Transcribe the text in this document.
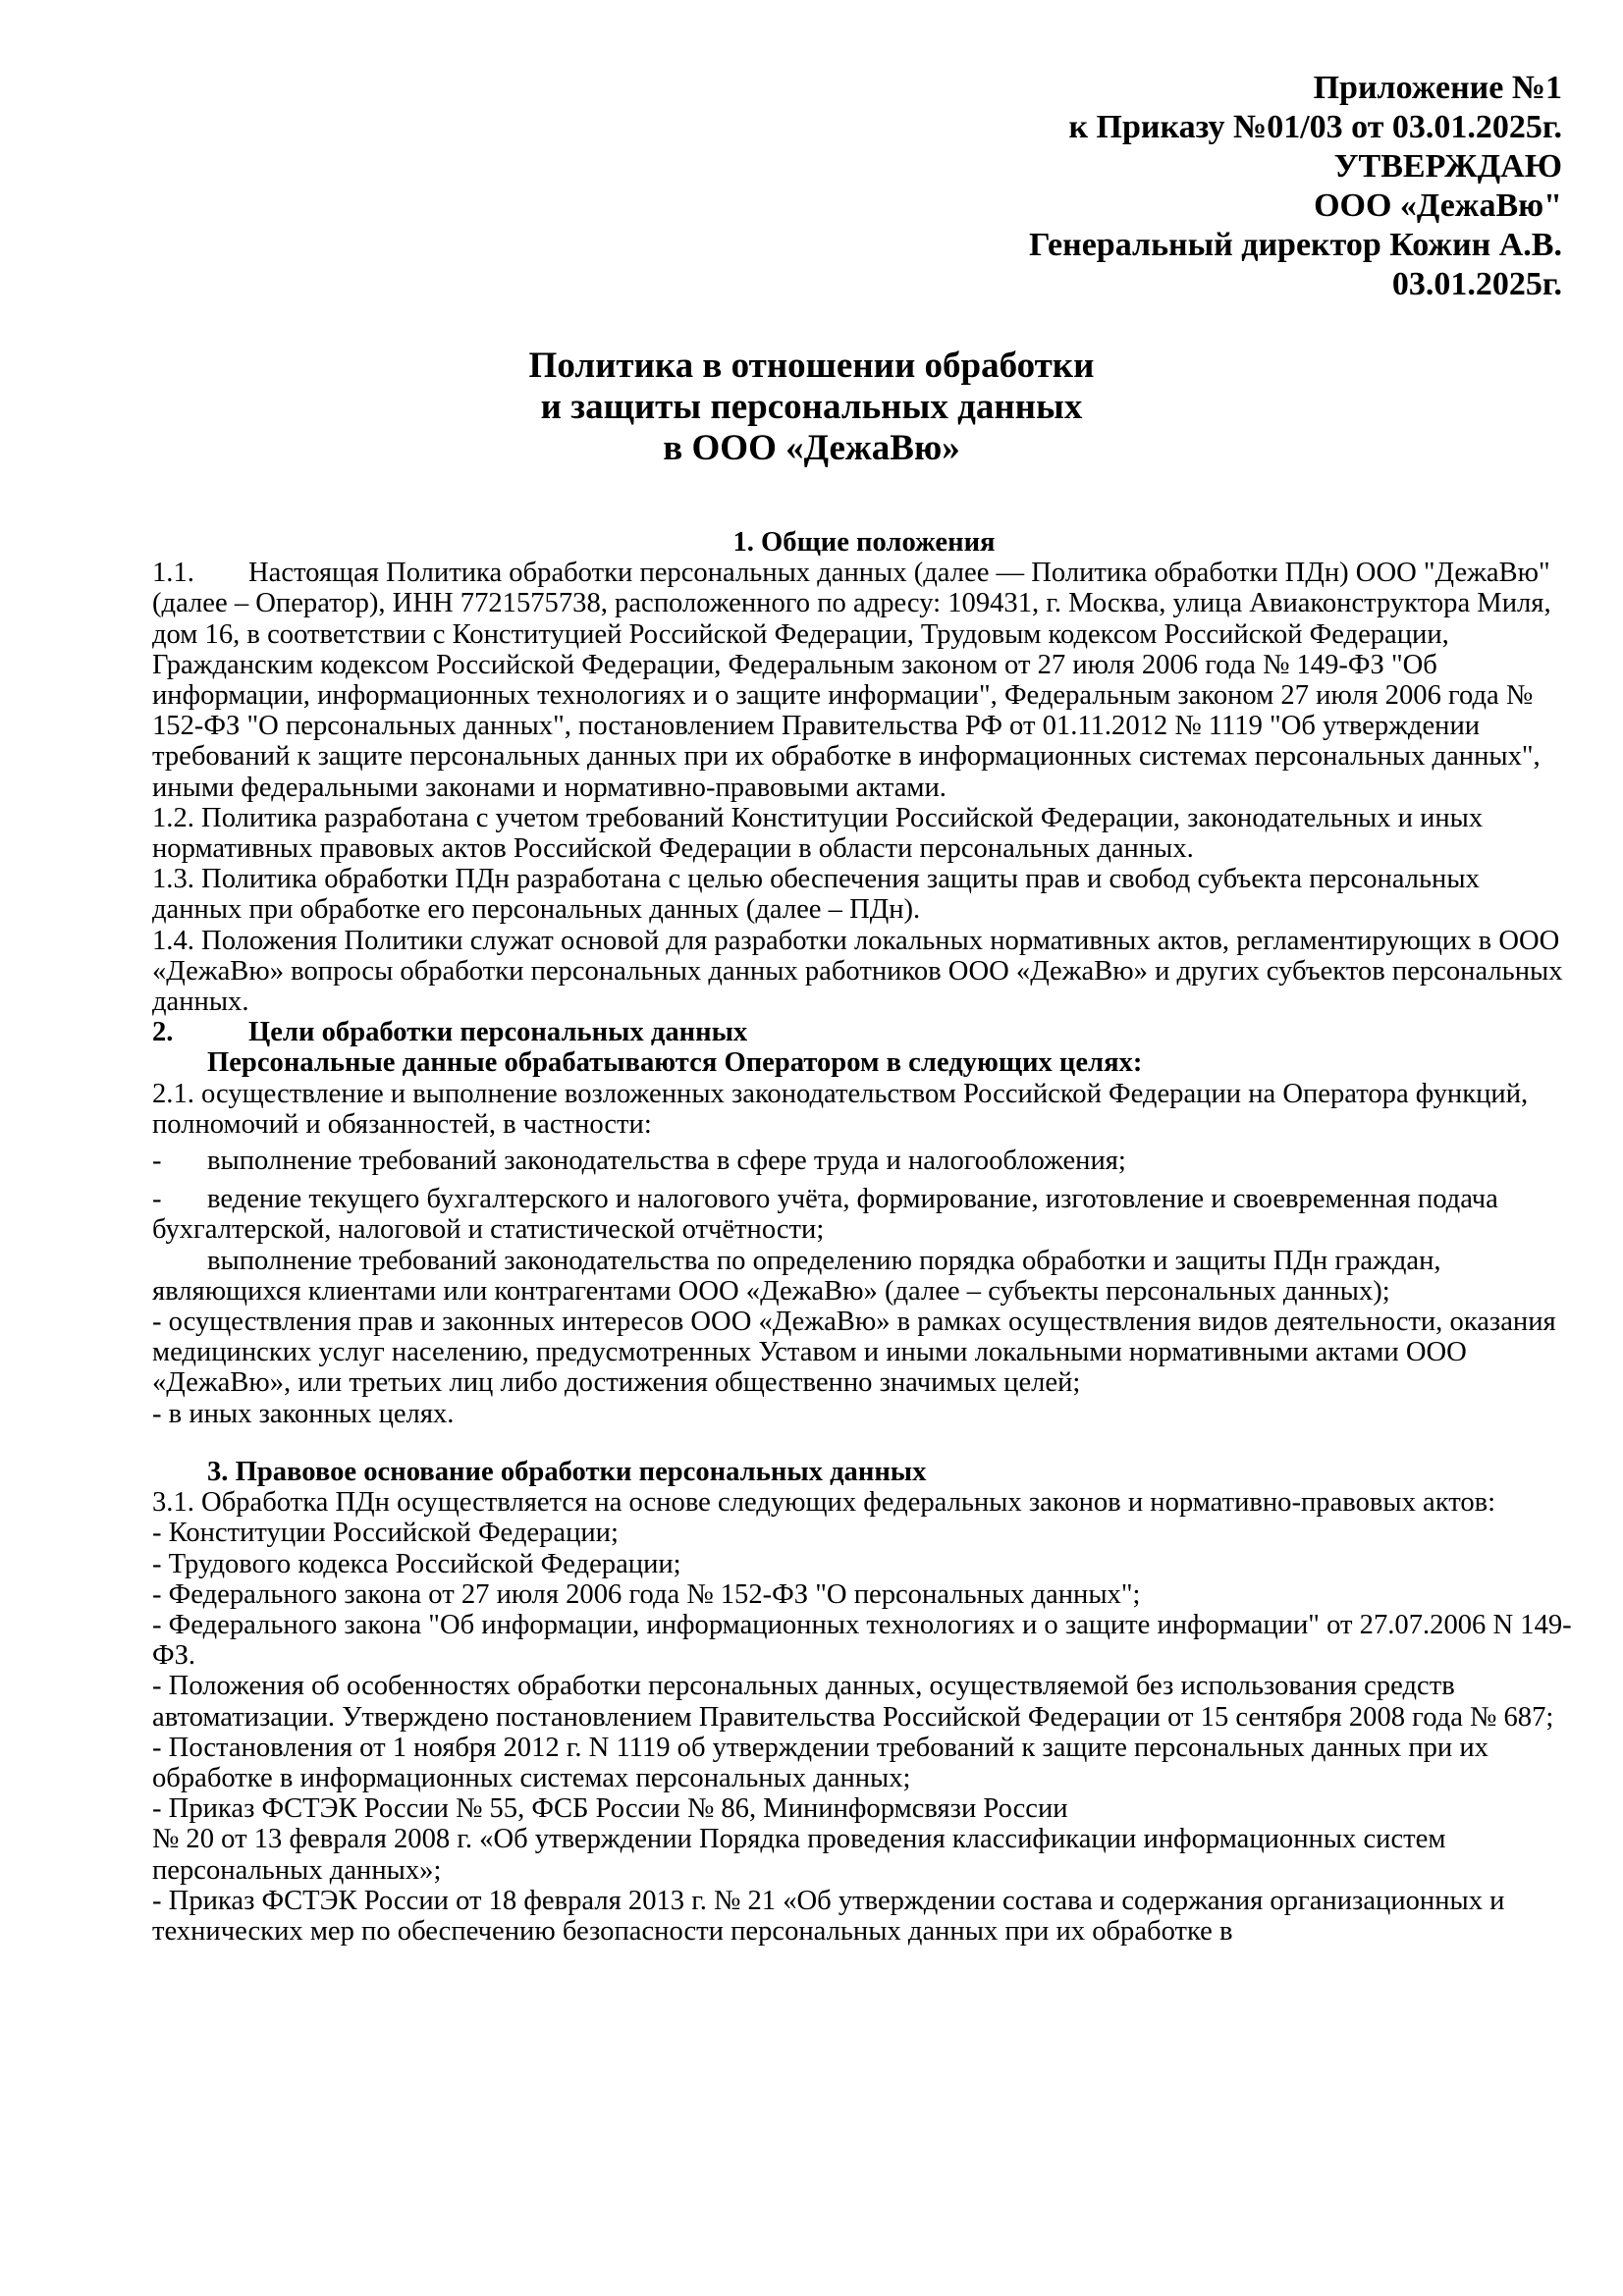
Приложение №1
к Приказу №01/03 от 03.01.2025г.
УТВЕРЖДАЮ
ООО «ДежаВю"
Генеральный директор Кожин А.В.
03.01.2025г.
Политика в отношении обработки
и защиты персональных данных
в ООО «ДежаВю»

1. Общие положения

1.1. Настоящая Политика обработки персональных данных (далее — Политика обработки ПДн) ООО "ДежаВю" (далее – Оператор), ИНН 7721575738, расположенного по адресу: 109431, г. Москва, улица Авиаконструктора Миля, дом 16, в соответствии с Конституцией Российской Федерации, Трудовым кодексом Российской Федерации, Гражданским кодексом Российской Федерации, Федеральным законом от 27 июля 2006 года № 149-ФЗ "Об информации, информационных технологиях и о защите информации", Федеральным законом 27 июля 2006 года № 152-ФЗ "О персональных данных", постановлением Правительства РФ от 01.11.2012 № 1119 "Об утверждении требований к защите персональных данных при их обработке в информационных системах персональных данных", иными федеральными законами и нормативно-правовыми актами.

1.2. Политика разработана с учетом требований Конституции Российской Федерации, законодательных и иных нормативных правовых актов Российской Федерации в области персональных данных.

1.3. Политика обработки ПДн разработана с целью обеспечения защиты прав и свобод субъекта персональных данных при обработке его персональных данных (далее – ПДн).

1.4. Положения Политики служат основой для разработки локальных нормативных актов, регламентирующих в ООО «ДежаВю» вопросы обработки персональных данных работников ООО «ДежаВю» и других субъектов персональных данных.

2.	Цели обработки персональных данных

Персональные данные обрабатываются Оператором в следующих целях:

2.1. осуществление и выполнение возложенных законодательством Российской Федерации на Оператора функций, полномочий и обязанностей, в частности:

- выполнение требований законодательства в сфере труда и налогообложения;

- ведение текущего бухгалтерского и налогового учёта, формирование, изготовление и своевременная подача бухгалтерской, налоговой и статистической отчётности;

выполнение требований законодательства по определению порядка обработки и защиты ПДн граждан, являющихся клиентами или контрагентами ООО «ДежаВю» (далее – субъекты персональных данных);

- осуществления прав и законных интересов ООО «ДежаВю» в рамках осуществления видов деятельности, оказания медицинских услуг населению, предусмотренных Уставом и иными локальными нормативными актами ООО «ДежаВю», или третьих лиц либо достижения общественно значимых целей;

- в иных законных целях.

3. Правовое основание обработки персональных данных

3.1. Обработка ПДн осуществляется на основе следующих федеральных законов и нормативно-правовых актов:

- Конституции Российской Федерации;

- Трудового кодекса Российской Федерации;

- Федерального закона от 27 июля 2006 года № 152-ФЗ "О персональных данных";

- Федерального закона "Об информации, информационных технологиях и о защите информации" от 27.07.2006 N 149-ФЗ.

- Положения об особенностях обработки персональных данных, осуществляемой без использования средств автоматизации. Утверждено постановлением Правительства Российской Федерации от 15 сентября 2008 года № 687;

- Постановления от 1 ноября 2012 г. N 1119 об утверждении требований к защите персональных данных при их обработке в информационных системах персональных данных;

- Приказ ФСТЭК России № 55, ФСБ России № 86, Мининформсвязи России

№ 20 от 13 февраля 2008 г. «Об утверждении Порядка проведения классификации информационных систем персональных данных»;

- Приказ ФСТЭК России от 18 февраля 2013 г. № 21 «Об утверждении состава и содержания организационных и технических мер по обеспечению безопасности персональных данных при их обработке в
